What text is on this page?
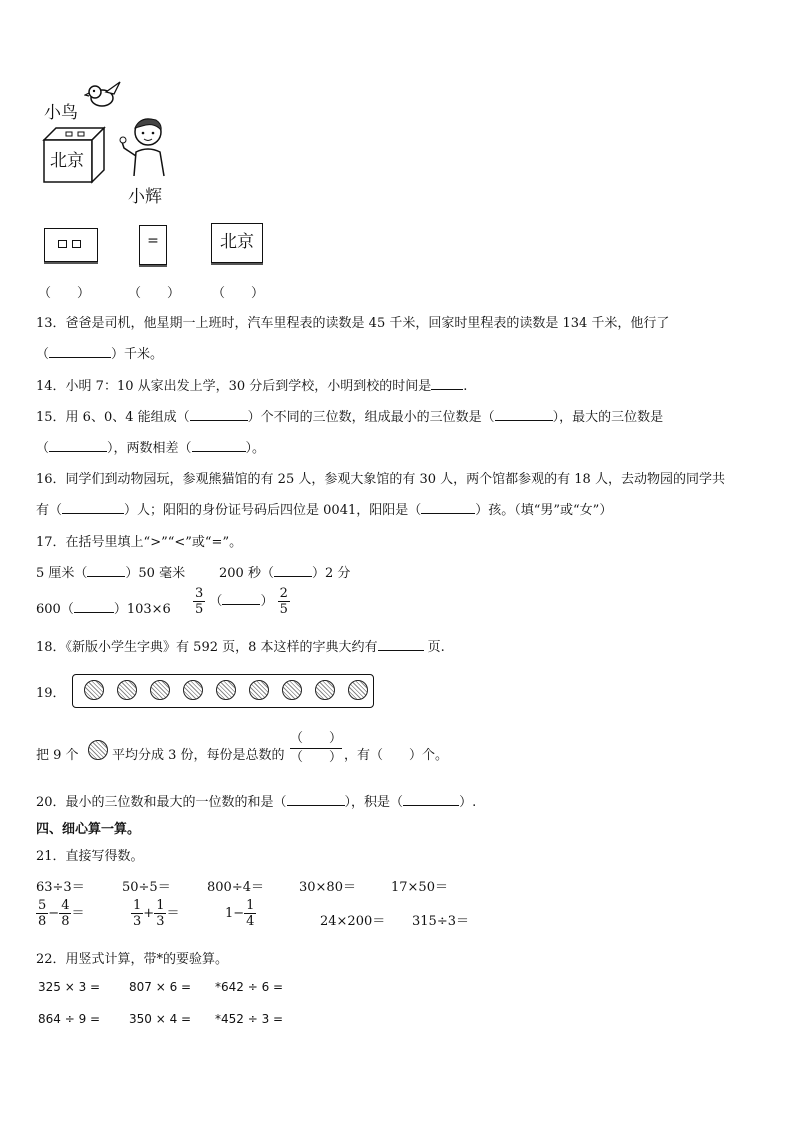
小鸟
北京
小辉
=	北京
（　　）	（　　） （　　）
13．爸爸是司机，他星期一上班时，汽车里程表的读数是 45 千米，回家时里程表的读数是 134 千米，他行了
（	）千米。
14．小明 7：10 从家出发上学，30 分后到学校，小明到校的时间是 .
15．用 6、0、4 能组成（	）个不同的三位数，组成最小的三位数是（	），最大的三位数是
（	），两数相差（	）。
16．同学们到动物园玩，参观熊猫馆的有 25 人，参观大象馆的有 30 人，两个馆都参观的有 18 人，去动物园的同学共
有（	）人；阳阳的身份证号码后四位是 0041，阳阳是（	）孩。（填“男”或“女”）
17．在括号里填上“>”“<”或“=”。
5 厘米（	）50 毫米	200 秒（	）2 分
600（	）$103\times 6 \frac{3}{5}$ （	） $\frac{2}{5}$
18．《新版小学生字典》有 592 页，8 本这样的字典大约有	页.
19．
把 9 个	平均分成 3 份，每份是总数的
（　　）
（　　） ，有（　　）个。
20．最小的三位数和最大的一位数的和是（	），积是（	）.
四、细心算一算。
21．直接写得数。
63÷3＝	50÷5＝	800÷4＝	30×80＝	17×50＝
$\frac{5}{8} - \frac{4}{8}$ ＝	$\frac{1}{3} + \frac{1}{3}$ ＝	$1- \frac{1}{4}$	24×200＝ 315÷3＝
22．用竖式计算，带*的要验算。
325 × 3 = 807 × 6 = *642 ÷ 6 =
864 ÷ 9 = 350 × 4 = *452 ÷ 3 =
